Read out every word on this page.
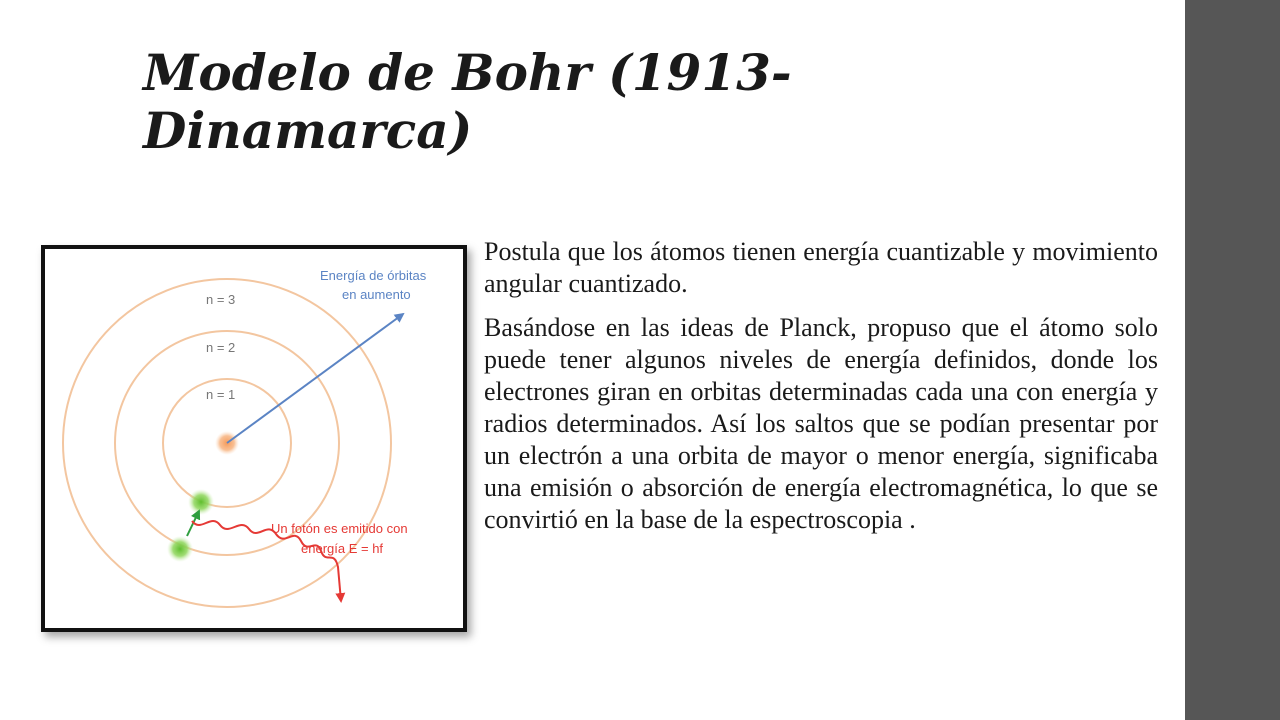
Modelo de Bohr (1913-
Dinamarca)
n = 3
n = 2
n = 1
Energía de órbitas
en aumento
Un fotón es emitido con
energía E = hf

Postula que los átomos tienen energía cuantizable y movimiento angular cuantizado.

Basándose en las ideas de Planck, propuso que el átomo solo puede tener algunos niveles de energía definidos, donde los electrones giran en orbitas determinadas cada una con energía y radios determinados. Así los saltos que se podían presentar por un electrón a una orbita de mayor o menor energía, significaba una emisión o absorción de energía electromagnética, lo que se convirtió en la base de la espectroscopia .
